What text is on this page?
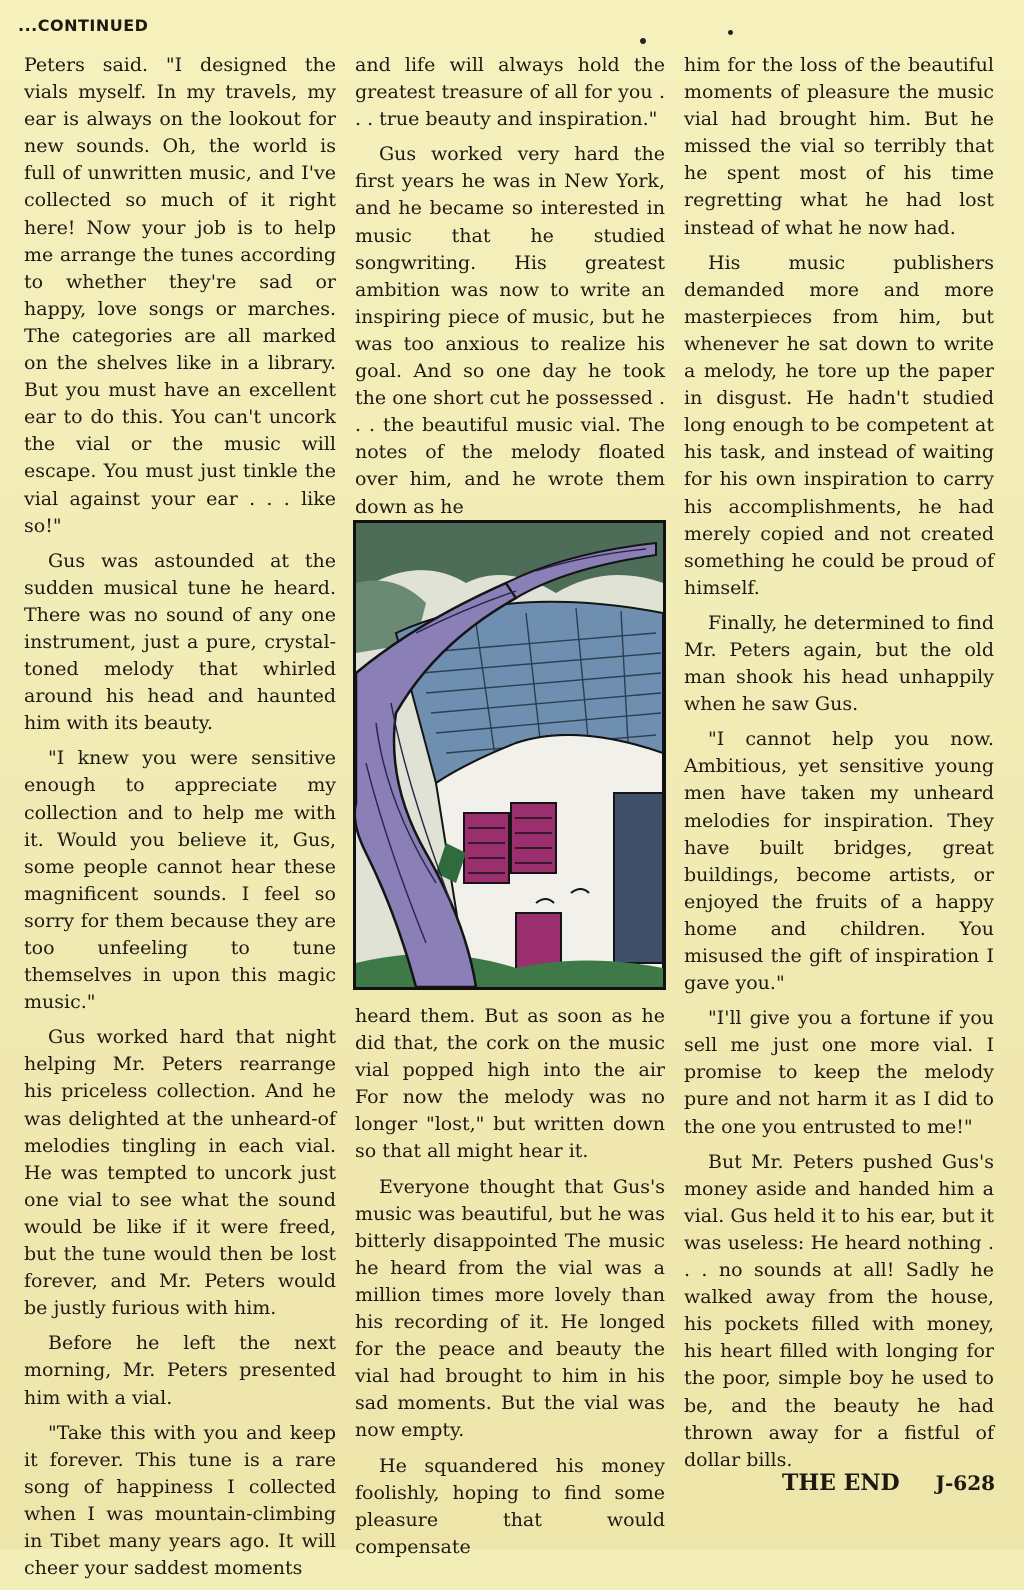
...CONTINUED

Peters said. "I designed the vials myself. In my travels, my ear is always on the lookout for new sounds. Oh, the world is full of unwritten music, and I've collected so much of it right here! Now your job is to help me arrange the tunes according to whether they're sad or happy, love songs or marches. The categories are all marked on the shelves like in a library. But you must have an excellent ear to do this. You can't uncork the vial or the music will escape. You must just tinkle the vial against your ear . . . like so!"

Gus was astounded at the sudden musical tune he heard. There was no sound of any one instrument, just a pure, crystal-toned melody that whirled around his head and haunted him with its beauty.

"I knew you were sensitive enough to appreciate my collection and to help me with it. Would you believe it, Gus, some people cannot hear these magnificent sounds. I feel so sorry for them because they are too unfeeling to tune themselves in upon this magic music."

Gus worked hard that night helping Mr. Peters rearrange his priceless collection. And he was delighted at the unheard-of melodies tingling in each vial. He was tempted to uncork just one vial to see what the sound would be like if it were freed, but the tune would then be lost forever, and Mr. Peters would be justly furious with him.

Before he left the next morning, Mr. Peters presented him with a vial.

"Take this with you and keep it forever. This tune is a rare song of happiness I collected when I was mountain-climbing in Tibet many years ago. It will cheer your saddest moments

and life will always hold the greatest treasure of all for you . . . true beauty and inspiration."

Gus worked very hard the first years he was in New York, and he became so interested in music that he studied songwriting. His greatest ambition was now to write an inspiring piece of music, but he was too anxious to realize his goal. And so one day he took the one short cut he possessed . . . the beautiful music vial. The notes of the melody floated over him, and he wrote them down as he

heard them. But as soon as he did that, the cork on the music vial popped high into the air For now the melody was no longer "lost," but written down so that all might hear it.

Everyone thought that Gus's music was beautiful, but he was bitterly disappointed The music he heard from the vial was a million times more lovely than his recording of it. He longed for the peace and beauty the vial had brought to him in his sad moments. But the vial was now empty.

He squandered his money foolishly, hoping to find some pleasure that would compensate

him for the loss of the beautiful moments of pleasure the music vial had brought him. But he missed the vial so terribly that he spent most of his time regretting what he had lost instead of what he now had.

His music publishers demanded more and more masterpieces from him, but whenever he sat down to write a melody, he tore up the paper in disgust. He hadn't studied long enough to be competent at his task, and instead of waiting for his own inspiration to carry his accomplishments, he had merely copied and not created something he could be proud of himself.

Finally, he determined to find Mr. Peters again, but the old man shook his head unhappily when he saw Gus.

"I cannot help you now. Ambitious, yet sensitive young men have taken my unheard melodies for inspiration. They have built bridges, great buildings, become artists, or enjoyed the fruits of a happy home and children. You misused the gift of inspiration I gave you."

"I'll give you a fortune if you sell me just one more vial. I promise to keep the melody pure and not harm it as I did to the one you entrusted to me!"

But Mr. Peters pushed Gus's money aside and handed him a vial. Gus held it to his ear, but it was useless: He heard nothing . . . no sounds at all! Sadly he walked away from the house, his pockets filled with money, his heart filled with longing for the poor, simple boy he used to be, and the beauty he had thrown away for a fistful of dollar bills.

THE END J-628
